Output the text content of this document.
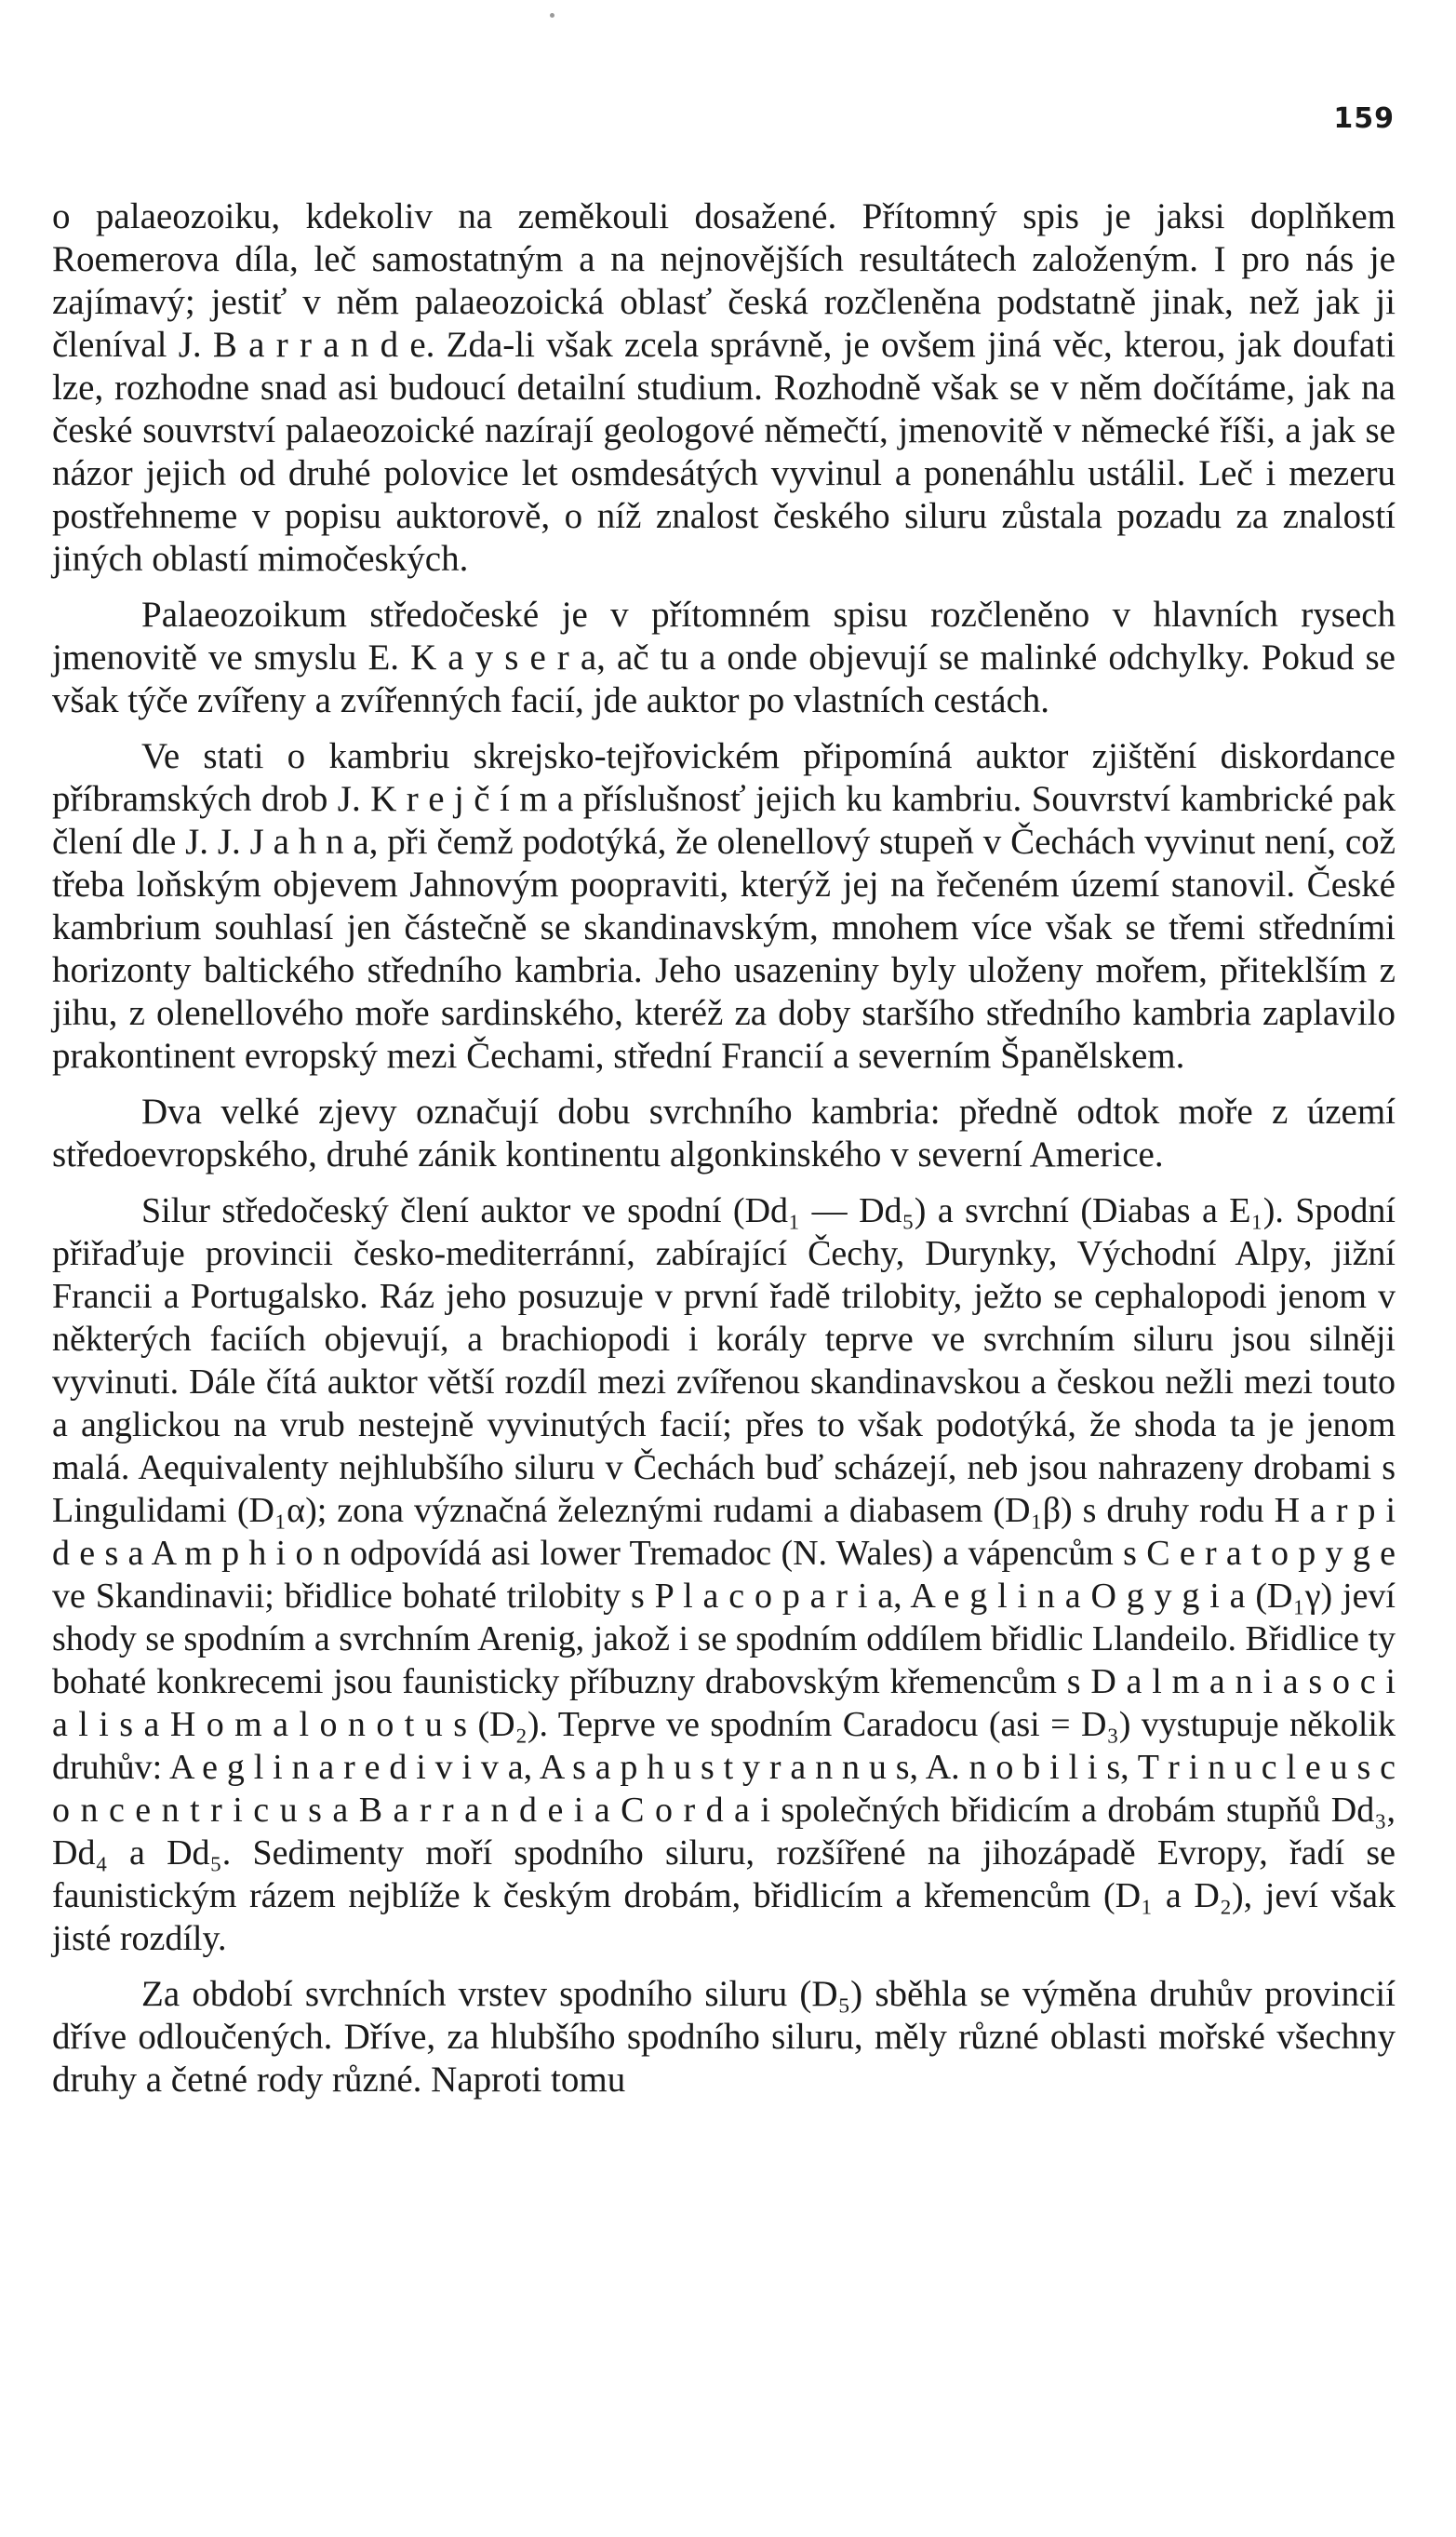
159

o palaeozoiku, kdekoliv na zeměkouli dosažené. Přítomný spis je jaksi doplňkem Roemerova díla, leč samostatným a na nejnovějších resultátech založeným. I pro nás je zajímavý; jestiť v něm palaeozoická oblasť česká rozčleněna podstatně jinak, než jak ji členíval J. B a r r a n d e. Zda-li však zcela správně, je ovšem jiná věc, kterou, jak doufati lze, rozhodne snad asi budoucí detailní studium. Rozhodně však se v něm dočítáme, jak na české souvrství palaeozoické nazírají geologové němečtí, jmenovitě v německé říši, a jak se názor jejich od druhé polovice let osmdesátých vyvinul a ponenáhlu ustálil. Leč i mezeru postřehneme v popisu auktorově, o níž znalost českého siluru zůstala pozadu za znalostí jiných oblastí mimočeských.

Palaeozoikum středočeské je v přítomném spisu rozčleněno v hlavních rysech jmenovitě ve smyslu E. K a y s e r a, ač tu a onde objevují se malinké odchylky. Pokud se však týče zvířeny a zvířenných facií, jde auktor po vlastních cestách.

Ve stati o kambriu skrejsko-tejřovickém připomíná auktor zjištění diskordance příbramských drob J. K r e j č í m a příslušnosť jejich ku kambriu. Souvrství kambrické pak člení dle J. J. J a h n a, při čemž podotýká, že olenellový stupeň v Čechách vyvinut není, což třeba loňským objevem Jahnovým poopraviti, kterýž jej na řečeném území stanovil. České kambrium souhlasí jen částečně se skandinavským, mnohem více však se třemi středními horizonty baltického středního kambria. Jeho usazeniny byly uloženy mořem, přiteklším z jihu, z olenellového moře sardinského, kteréž za doby staršího středního kambria zaplavilo prakontinent evropský mezi Čechami, střední Francií a severním Španělskem.

Dva velké zjevy označují dobu svrchního kambria: předně odtok moře z území středoevropského, druhé zánik kontinentu algonkinského v severní Americe.

Silur středočeský člení auktor ve spodní (Dd₁ — Dd₅) a svrchní (Diabas a E₁). Spodní přiřaďuje provincii česko-mediterránní, zabírající Čechy, Durynky, Východní Alpy, jižní Francii a Portugalsko. Ráz jeho posuzuje v první řadě trilobity, ježto se cephalopodi jenom v některých faciích objevují, a brachiopodi i korály teprve ve svrchním siluru jsou silněji vyvinuti. Dále čítá auktor větší rozdíl mezi zvířenou skandinavskou a českou nežli mezi touto a anglickou na vrub nestejně vyvinutých facií; přes to však podotýká, že shoda ta je jenom malá. Aequivalenty nejhlubšího siluru v Čechách buď scházejí, neb jsou nahrazeny drobami s Lingulidami (D₁α); zona význačná železnými rudami a diabasem (D₁β) s druhy rodu H a r p i d e s a A m p h i o n odpovídá asi lower Tremadoc (N. Wales) a vápencům s C e r a t o p y g e ve Skandinavii; břidlice bohaté trilobity s P l a c o p a r i a, A e g l i n a O g y g i a (D₁γ) jeví shody se spodním a svrchním Arenig, jakož i se spodním oddílem břidlic Llandeilo. Břidlice ty bohaté konkrecemi jsou faunisticky příbuzny drabovským křemencům s D a l m a n i a s o c i a l i s a H o m a l o n o t u s (D₂). Teprve ve spodním Caradocu (asi = D₃) vystupuje několik druhův: A e g l i n a r e d i v i v a, A s a p h u s t y r a n n u s, A. n o b i l i s, T r i n u c l e u s c o n c e n t r i c u s a B a r r a n d e i a C o r d a i společných břidicím a drobám stupňů Dd₃, Dd₄ a Dd₅. Sedimenty moří spodního siluru, rozšířené na jihozápadě Evropy, řadí se faunistickým rázem nejblíže k českým drobám, břidlicím a křemencům (D₁ a D₂), jeví však jisté rozdíly.

Za období svrchních vrstev spodního siluru (D₅) sběhla se výměna druhův provincií dříve odloučených. Dříve, za hlubšího spodního siluru, měly různé oblasti mořské všechny druhy a četné rody různé. Naproti tomu
